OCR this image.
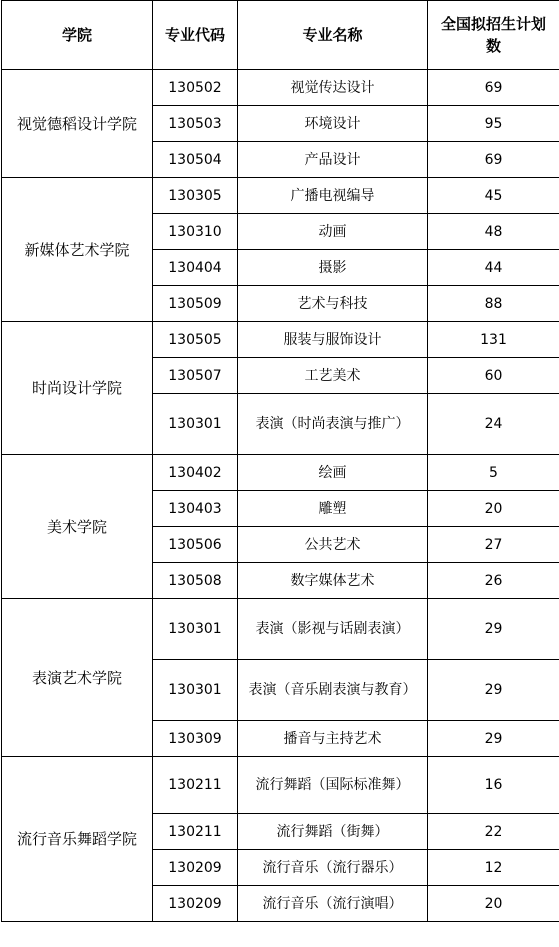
学院	专业代码	专业名称	全国拟招生计划数
视觉德稻设计学院	130502	视觉传达设计	69
	130503	环境设计	95
	130504	产品设计	69
新媒体艺术学院	130305	广播电视编导	45
	130310	动画	48
	130404	摄影	44
	130509	艺术与科技	88
时尚设计学院	130505	服装与服饰设计	131
	130507	工艺美术	60
	130301	表演（时尚表演与推广）	24
美术学院	130402	绘画	5
	130403	雕塑	20
	130506	公共艺术	27
	130508	数字媒体艺术	26
表演艺术学院	130301	表演（影视与话剧表演）	29
	130301	表演（音乐剧表演与教育）	29
	130309	播音与主持艺术	29
流行音乐舞蹈学院	130211	流行舞蹈（国际标准舞）	16
	130211	流行舞蹈（街舞）	22
	130209	流行音乐（流行器乐）	12
	130209	流行音乐（流行演唱）	20
